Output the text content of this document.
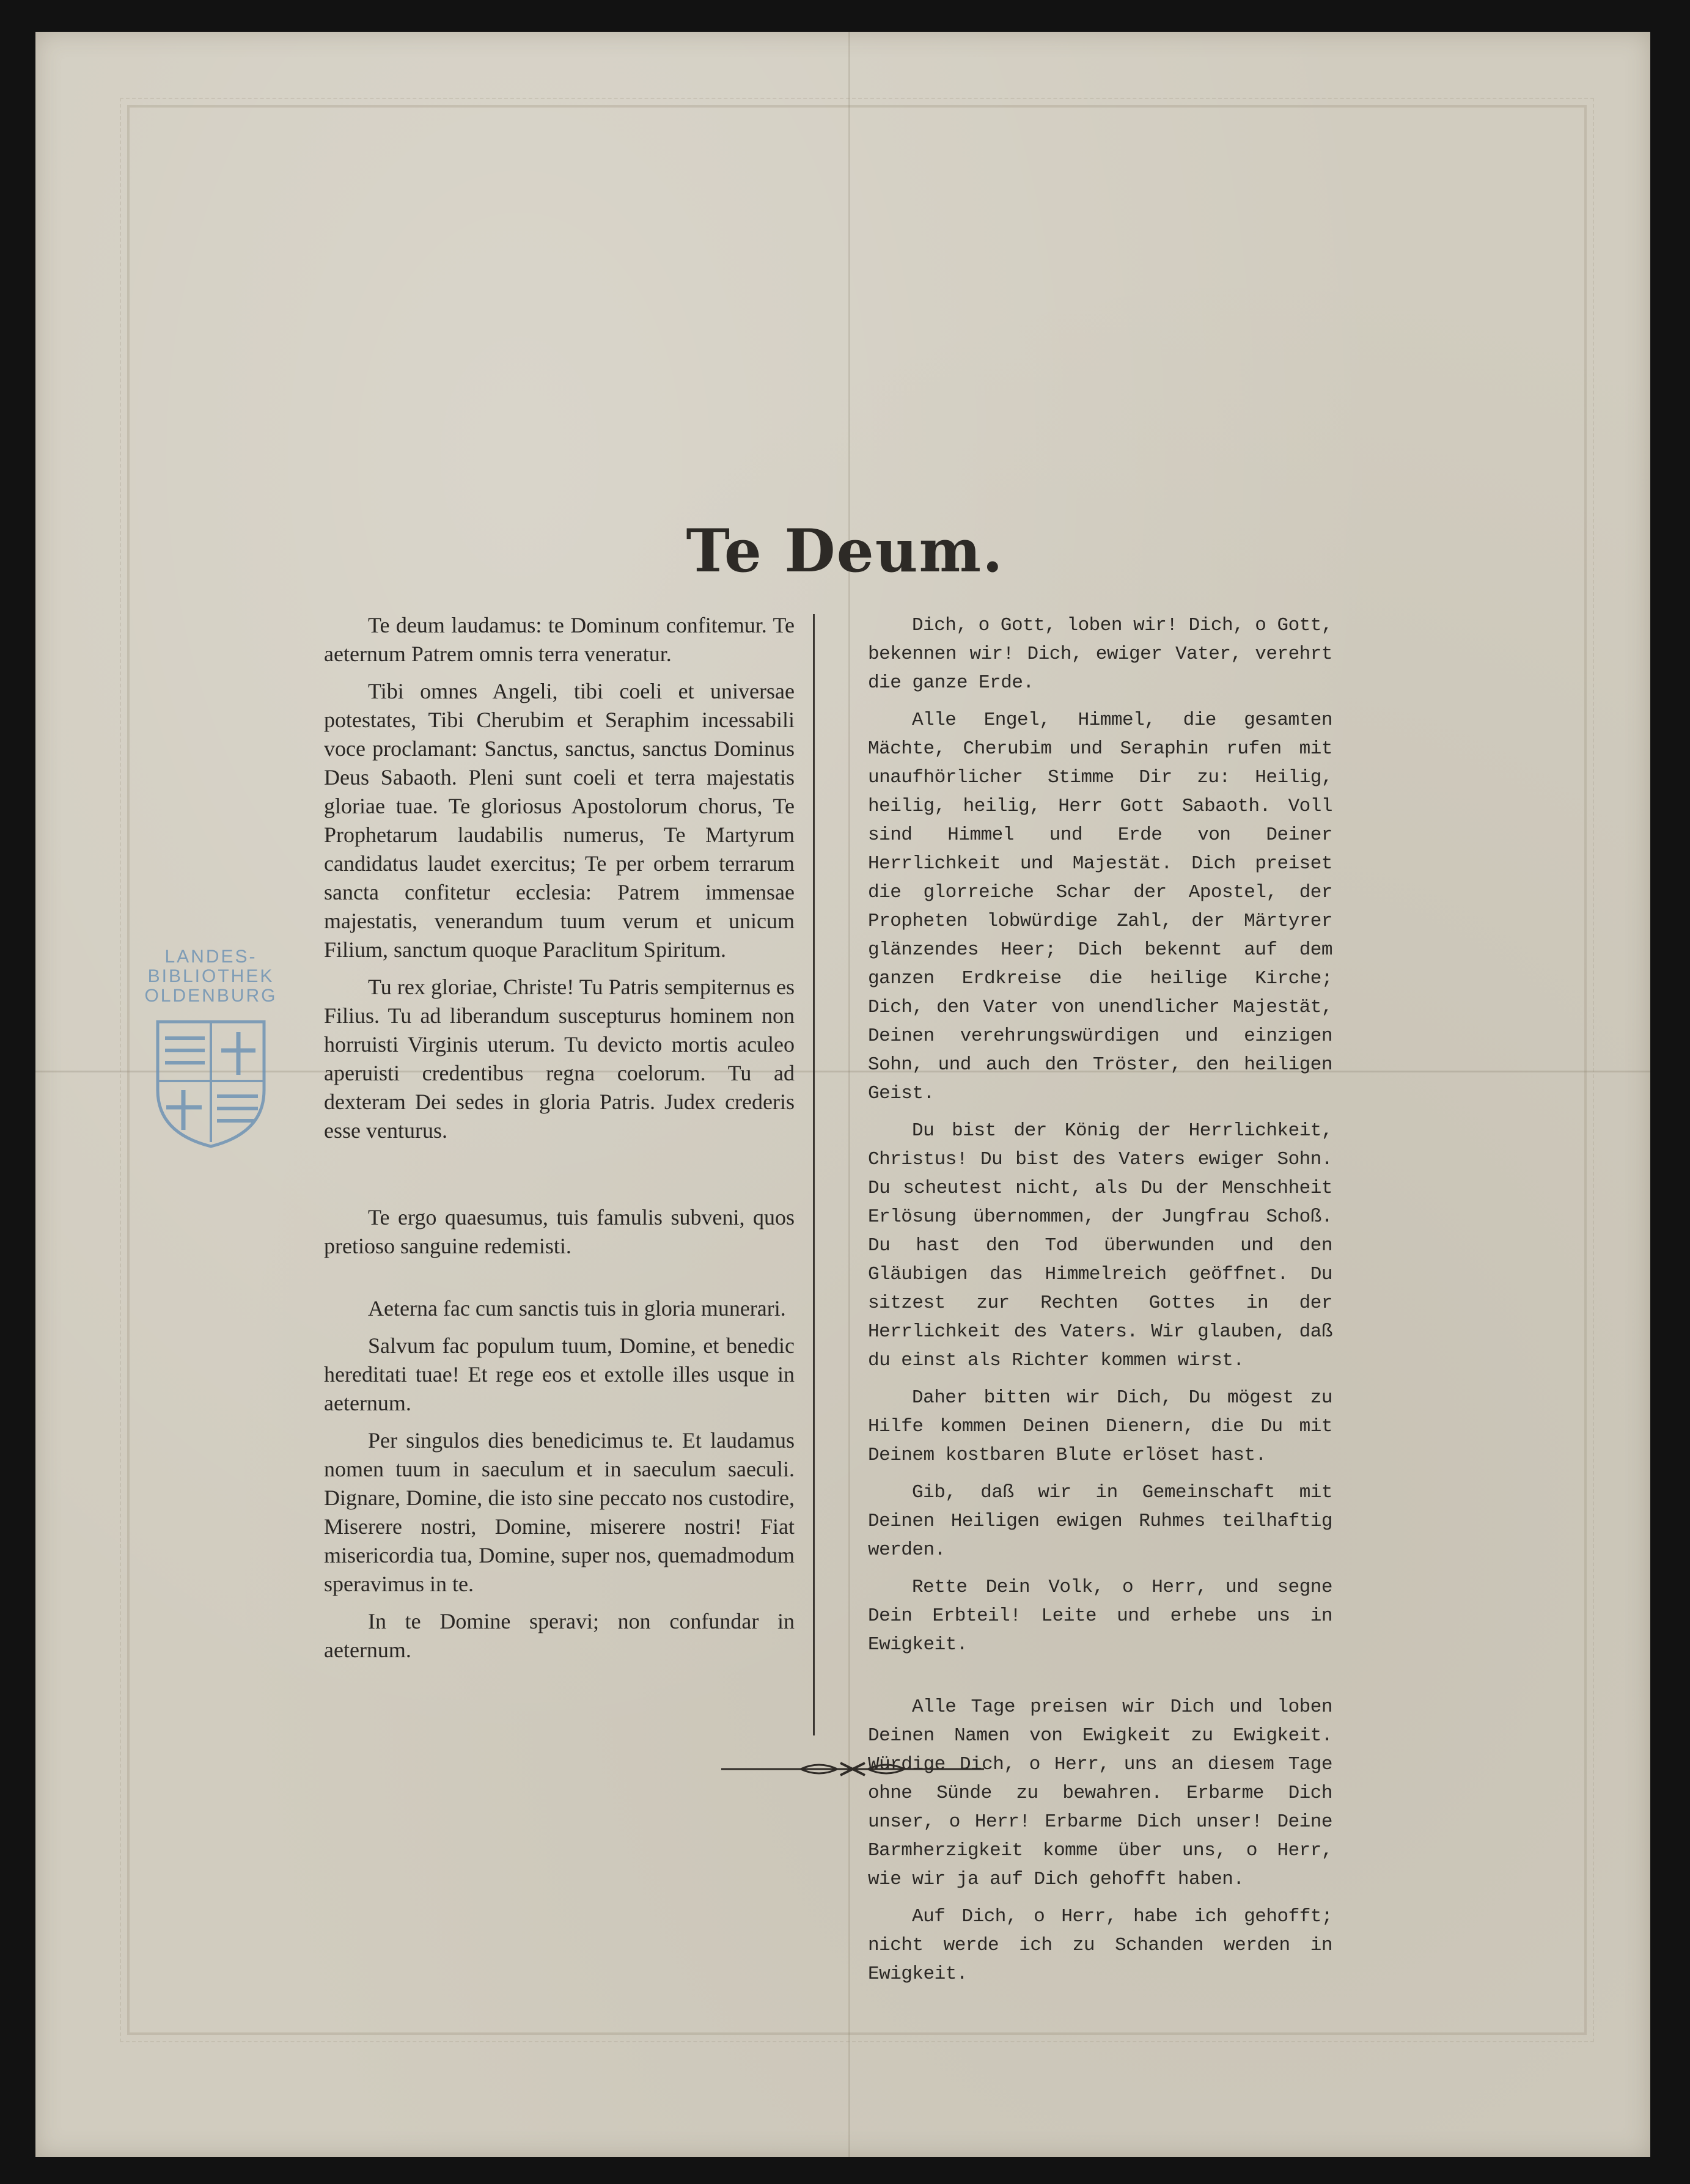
Te Deum.

LANDES-

BIBLIOTHEK

OLDENBURG

Te deum laudamus: te Dominum confitemur. Te aeternum Patrem omnis terra veneratur.

Tibi omnes Angeli, tibi coeli et universae potestates, Tibi Cherubim et Seraphim incessabili voce proclamant: Sanctus, sanctus, sanctus Dominus Deus Sabaoth. Pleni sunt coeli et terra majestatis gloriae tuae. Te gloriosus Apostolorum chorus, Te Prophetarum laudabilis numerus, Te Martyrum candidatus laudet exercitus; Te per orbem terrarum sancta confitetur ecclesia: Patrem immensae majestatis, venerandum tuum verum et unicum Filium, sanctum quoque Paraclitum Spiritum.

Tu rex gloriae, Christe! Tu Patris sempiternus es Filius. Tu ad liberandum suscepturus hominem non horruisti Virginis uterum. Tu devicto mortis aculeo aperuisti credentibus regna coelorum. Tu ad dexteram Dei sedes in gloria Patris. Judex crederis esse venturus.

Te ergo quaesumus, tuis famulis subveni, quos pretioso sanguine redemisti.

Aeterna fac cum sanctis tuis in gloria munerari.

Salvum fac populum tuum, Domine, et benedic hereditati tuae! Et rege eos et extolle illes usque in aeternum.

Per singulos dies benedicimus te. Et laudamus nomen tuum in saeculum et in saeculum saeculi. Dignare, Domine, die isto sine peccato nos custodire, Miserere nostri, Domine, miserere nostri! Fiat misericordia tua, Domine, super nos, quemadmodum speravimus in te.

In te Domine speravi; non confundar in aeternum.

Dich, o Gott, loben wir! Dich, o Gott, bekennen wir! Dich, ewiger Vater, verehrt die ganze Erde.

Alle Engel, Himmel, die gesamten Mächte, Cherubim und Seraphin rufen mit unaufhörlicher Stimme Dir zu: Heilig, heilig, heilig, Herr Gott Sabaoth. Voll sind Himmel und Erde von Deiner Herrlichkeit und Majestät. Dich preiset die glorreiche Schar der Apostel, der Propheten lobwürdige Zahl, der Märtyrer glänzendes Heer; Dich bekennt auf dem ganzen Erdkreise die heilige Kirche; Dich, den Vater von unendlicher Majestät, Deinen verehrungswürdigen und einzigen Sohn, und auch den Tröster, den heiligen Geist.

Du bist der König der Herrlichkeit, Christus! Du bist des Vaters ewiger Sohn. Du scheutest nicht, als Du der Menschheit Erlösung übernommen, der Jungfrau Schoß. Du hast den Tod überwunden und den Gläubigen das Himmelreich geöffnet. Du sitzest zur Rechten Gottes in der Herrlichkeit des Vaters. Wir glauben, daß du einst als Richter kommen wirst.

Daher bitten wir Dich, Du mögest zu Hilfe kommen Deinen Dienern, die Du mit Deinem kostbaren Blute erlöset hast.

Gib, daß wir in Gemeinschaft mit Deinen Heiligen ewigen Ruhmes teilhaftig werden.

Rette Dein Volk, o Herr, und segne Dein Erbteil! Leite und erhebe uns in Ewigkeit.

Alle Tage preisen wir Dich und loben Deinen Namen von Ewigkeit zu Ewigkeit. Würdige Dich, o Herr, uns an diesem Tage ohne Sünde zu bewahren. Erbarme Dich unser, o Herr! Erbarme Dich unser! Deine Barmherzigkeit komme über uns, o Herr, wie wir ja auf Dich gehofft haben.

Auf Dich, o Herr, habe ich gehofft; nicht werde ich zu Schanden werden in Ewigkeit.
